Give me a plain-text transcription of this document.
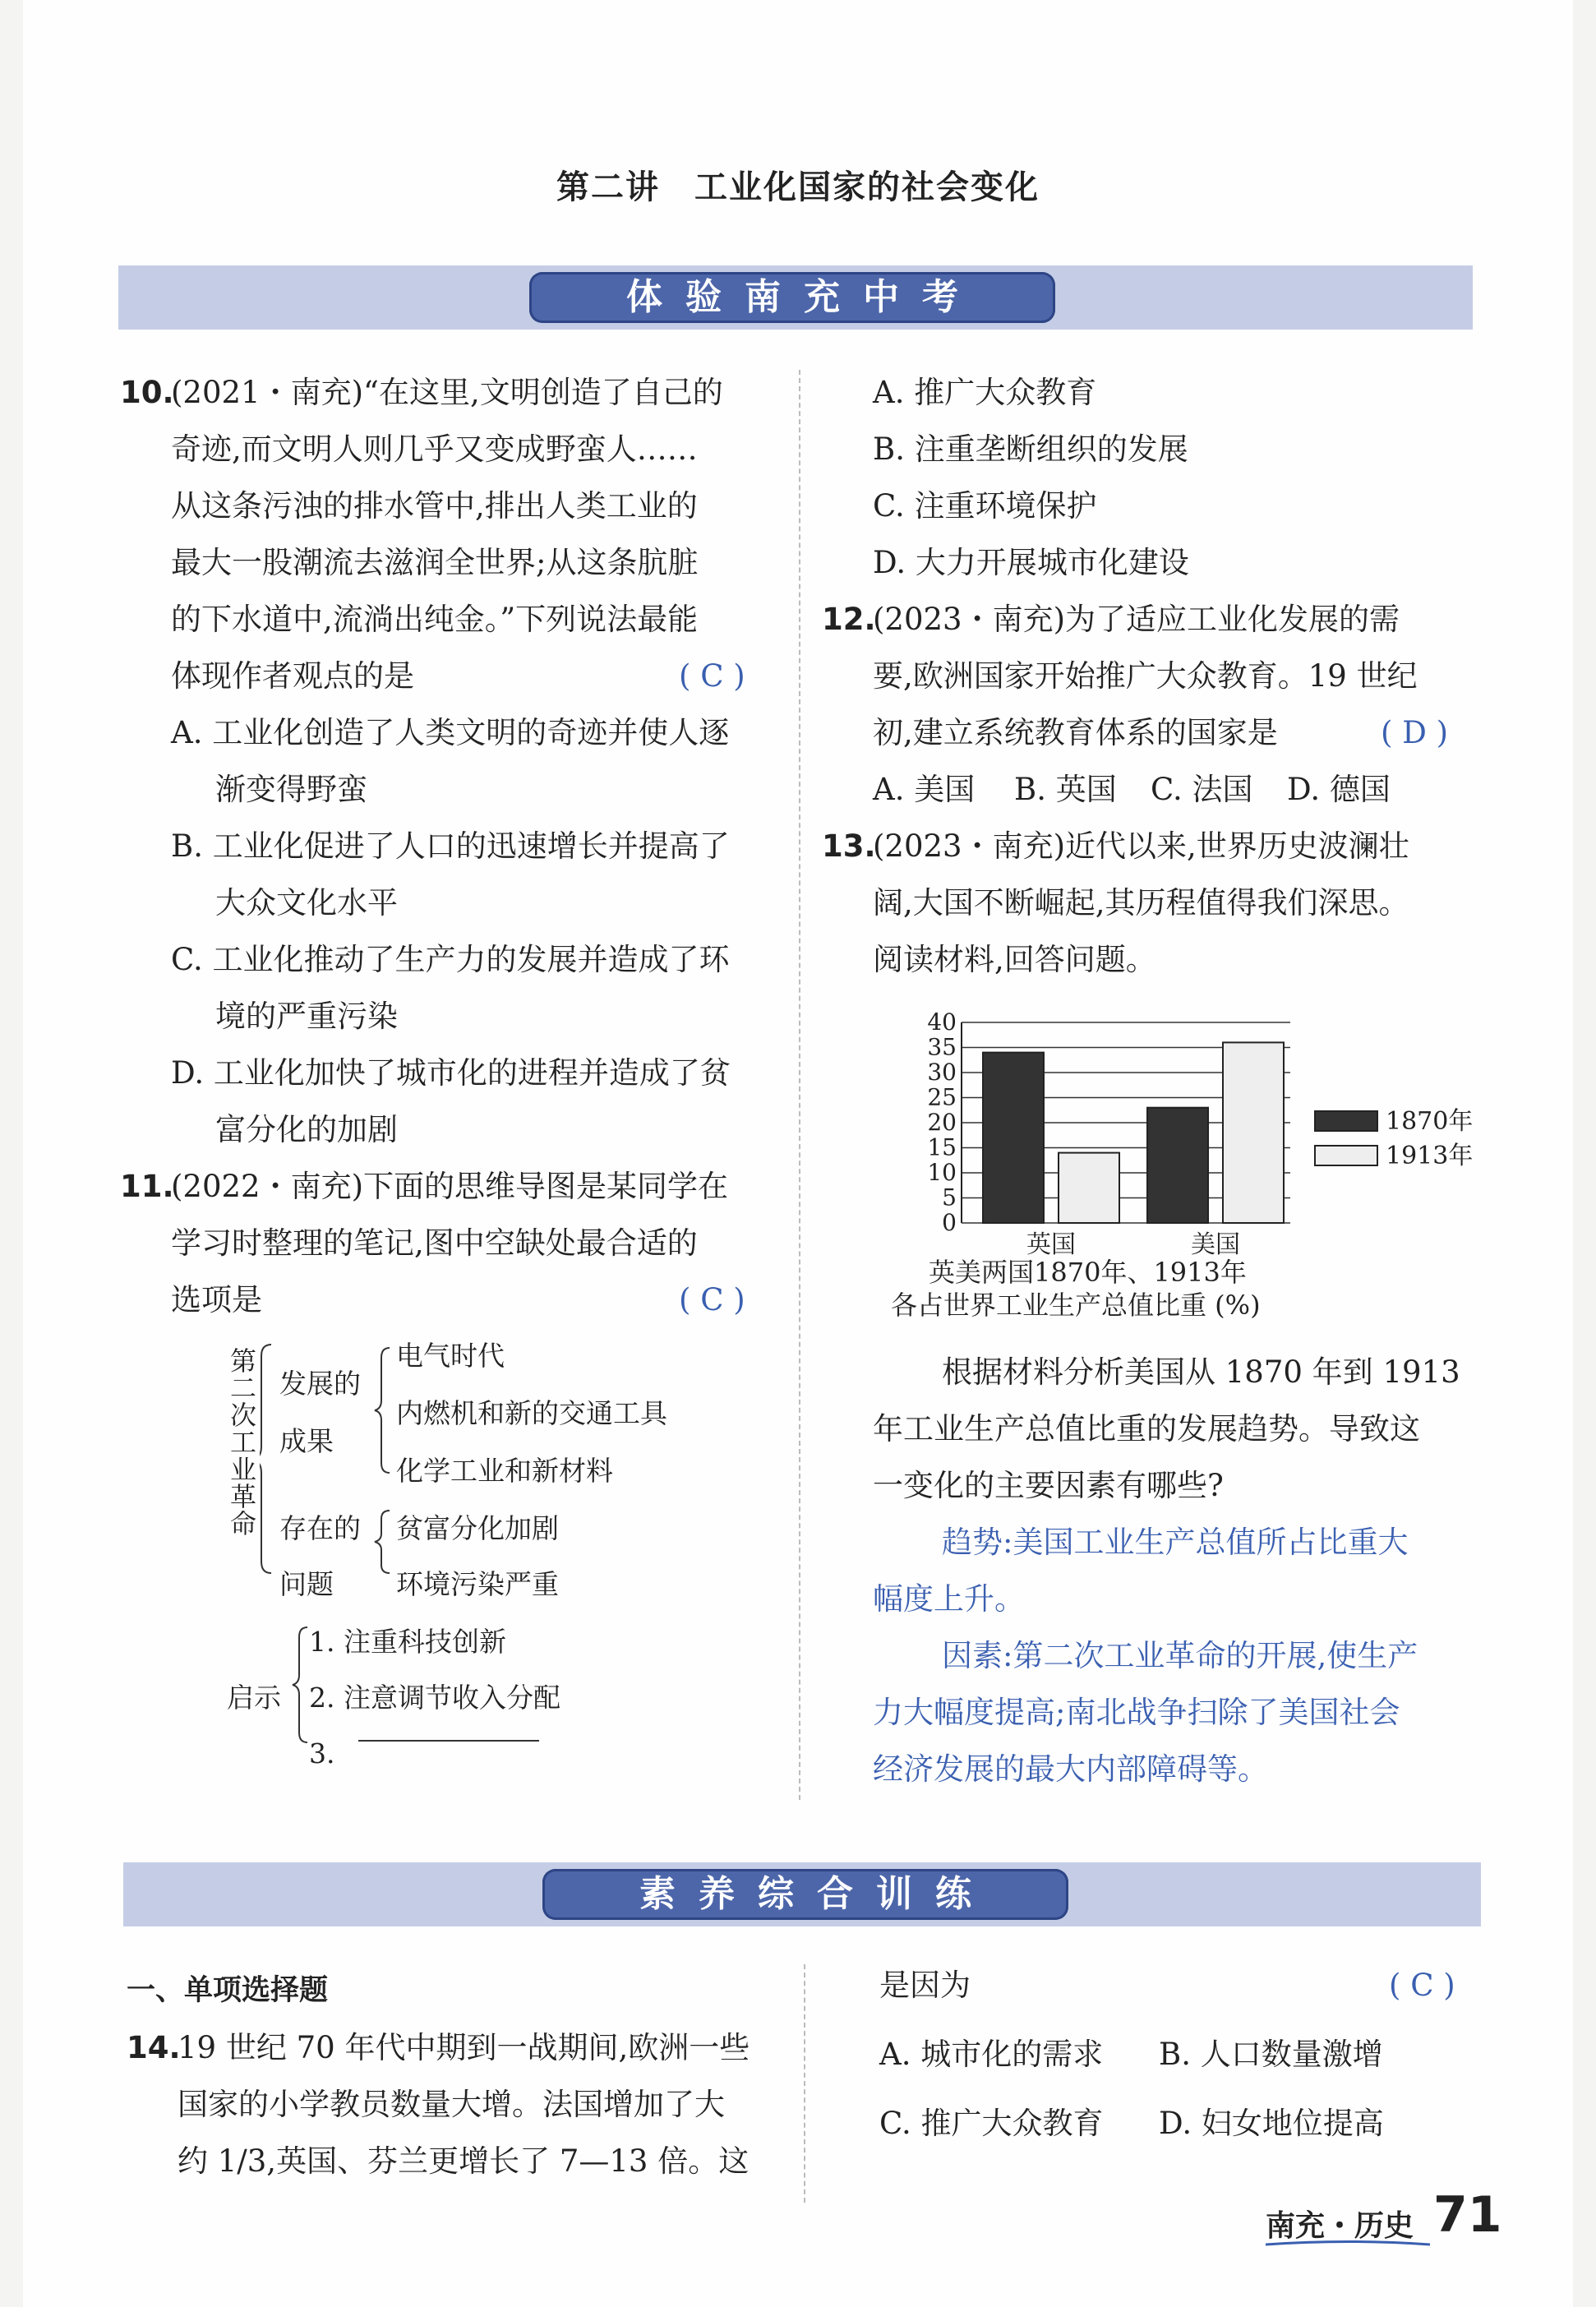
第二讲　工业化国家的社会变化
体验南充中考
10.
(2021・南充)“在这里,文明创造了自己的
奇迹,而文明人则几乎又变成野蛮人……
从这条污浊的排水管中,排出人类工业的
最大一股潮流去滋润全世界;从这条肮脏
的下水道中,流淌出纯金。”下列说法最能
体现作者观点的是	( C )
A. 工业化创造了人类文明的奇迹并使人逐
渐变得野蛮
B. 工业化促进了人口的迅速增长并提高了
大众文化水平
C. 工业化推动了生产力的发展并造成了环
境的严重污染
D. 工业化加快了城市化的进程并造成了贫
富分化的加剧
11.
(2022・南充)下面的思维导图是某同学在
学习时整理的笔记,图中空缺处最合适的
选项是	( C )
第二次工业革命
发展的
成果
电气时代
内燃机和新的交通工具
化学工业和新材料
存在的
问题
贫富分化加剧
环境污染严重
启示
1. 注重科技创新
2. 注意调节收入分配
3.
A. 推广大众教育
B. 注重垄断组织的发展
C. 注重环境保护
D. 大力开展城市化建设
12.
(2023・南充)为了适应工业化发展的需
要,欧洲国家开始推广大众教育。19 世纪
初,建立系统教育体系的国家是	( D )
A. 美国 B. 英国 C. 法国 D. 德国
13.
(2023・南充)近代以来,世界历史波澜壮
阔,大国不断崛起,其历程值得我们深思。
阅读材料,回答问题。
0
5
10
15
20
25
30
35
40
英国	美国
1870年
1913年
英美两国1870年、1913年
各占世界工业生产总值比重 (%)
根据材料分析美国从 1870 年到 1913
年工业生产总值比重的发展趋势。导致这
一变化的主要因素有哪些?
趋势:美国工业生产总值所占比重大
幅度上升。
因素:第二次工业革命的开展,使生产
力大幅度提高;南北战争扫除了美国社会
经济发展的最大内部障碍等。
素养综合训练
一、单项选择题
14.
19 世纪 70 年代中期到一战期间,欧洲一些
国家的小学教员数量大增。法国增加了大
约 1/3,英国、芬兰更增长了 7—13 倍。这
是因为	( C )
A. 城市化的需求 B. 人口数量激增
C. 推广大众教育 D. 妇女地位提高
南充・历史 71
